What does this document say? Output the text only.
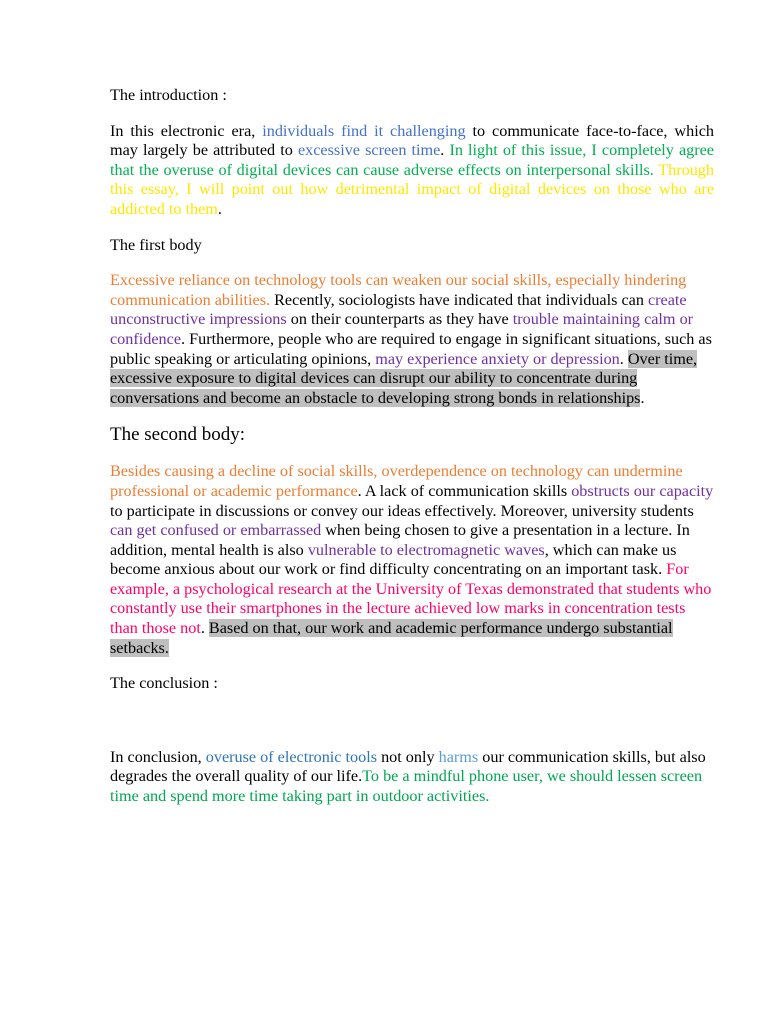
The introduction :

In this electronic era, individuals find it challenging to communicate face-to-face, which may largely be attributed to excessive screen time. In light of this issue, I completely agree that the overuse of digital devices can cause adverse effects on interpersonal skills. Through this essay, I will point out how detrimental impact of digital devices on those who are addicted to them.

The first body

Excessive reliance on technology tools can weaken our social skills, especially hindering communication abilities. Recently, sociologists have indicated that individuals can create unconstructive impressions on their counterparts as they have trouble maintaining calm or confidence. Furthermore, people who are required to engage in significant situations, such as public speaking or articulating opinions, may experience anxiety or depression. Over time, excessive exposure to digital devices can disrupt our ability to concentrate during conversations and become an obstacle to developing strong bonds in relationships.

The second body:

Besides causing a decline of social skills, overdependence on technology can undermine professional or academic performance. A lack of communication skills obstructs our capacity to participate in discussions or convey our ideas effectively. Moreover, university students can get confused or embarrassed when being chosen to give a presentation in a lecture. In addition, mental health is also vulnerable to electromagnetic waves, which can make us become anxious about our work or find difficulty concentrating on an important task. For example, a psychological research at the University of Texas demonstrated that students who constantly use their smartphones in the lecture achieved low marks in concentration tests than those not. Based on that, our work and academic performance undergo substantial setbacks.

The conclusion :

In conclusion, overuse of electronic tools not only harms our communication skills, but also degrades the overall quality of our life.To be a mindful phone user, we should lessen screen time and spend more time taking part in outdoor activities.
